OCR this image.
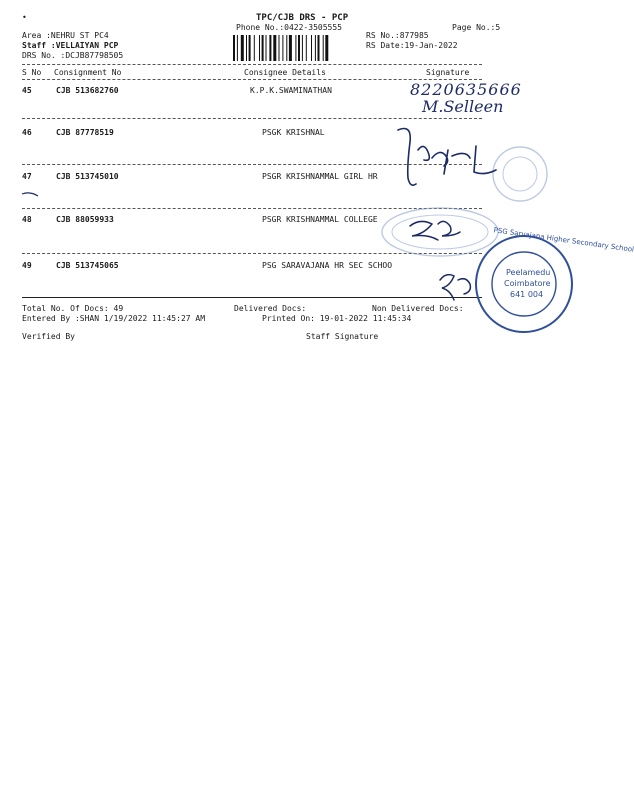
•	TPC/CJB DRS - PCP
Phone No.:0422-3505555	Page No.:5
Area :NEHRU ST PC4
Staff :VELLAIYAN PCP
DRS No. :DCJB87798505
RS No.:877985
RS Date:19-Jan-2022
S No Consignment No	Consignee Details	Signature
45	CJB 513682760	K.P.K.SWAMINATHAN
46	CJB 87778519	PSGK KRISHNAL
47	CJB 513745010	PSGR KRISHNAMMAL GIRL HR
48	CJB 88059933	PSGR KRISHNAMMAL COLLEGE
49	CJB 513745065	PSG SARAVAJANA HR SEC SCHOO
8220635666
M.Selleen
PSG Sarvajana Higher Secondary School
Peelamedu
Coimbatore
641 004
Total No. Of Docs: 49	Delivered Docs:	Non Delivered Docs:
Entered By :SHAN 1/19/2022 11:45:27 AM	Printed On: 19-01-2022 11:45:34
Verified By	Staff Signature
